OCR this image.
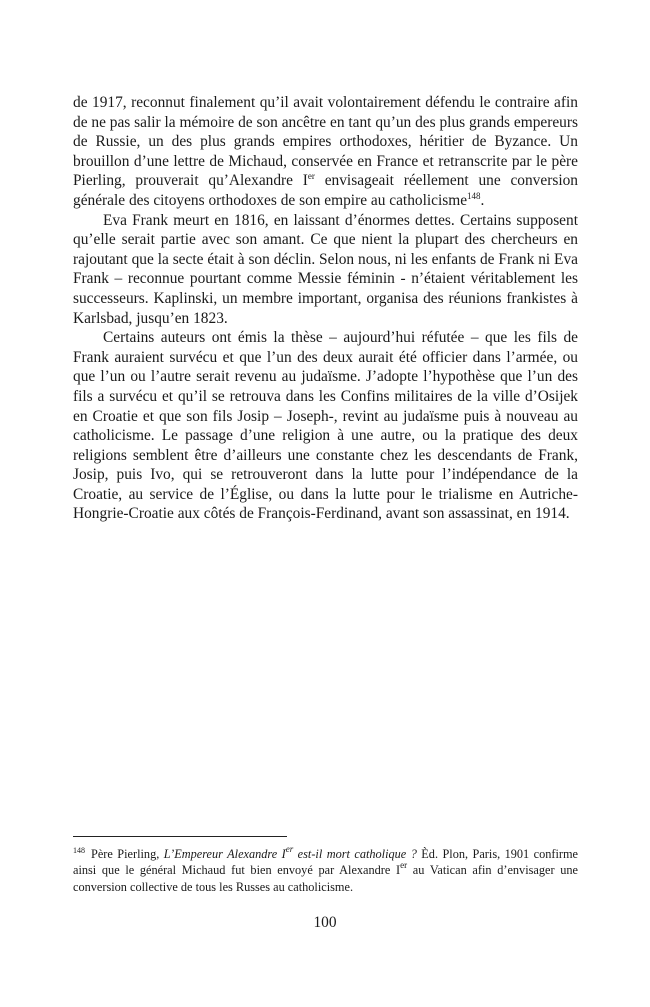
de 1917, reconnut finalement qu’il avait volontairement défendu le contraire afin de ne pas salir la mémoire de son ancêtre en tant qu’un des plus grands empereurs de Russie, un des plus grands empires orthodoxes, héritier de Byzance. Un brouillon d’une lettre de Michaud, conservée en France et retranscrite par le père Pierling, prouverait qu’Alexandre Ier envisageait réellement une conversion générale des citoyens orthodoxes de son empire au catholicisme$^{148}$.

Eva Frank meurt en 1816, en laissant d’énormes dettes. Certains supposent qu’elle serait partie avec son amant. Ce que nient la plupart des chercheurs en rajoutant que la secte était à son déclin. Selon nous, ni les enfants de Frank ni Eva Frank – reconnue pourtant comme Messie féminin - n’étaient véritablement les successeurs. Kaplinski, un membre important, organisa des réunions frankistes à Karlsbad, jusqu’en 1823.

Certains auteurs ont émis la thèse – aujourd’hui réfutée – que les fils de Frank auraient survécu et que l’un des deux aurait été officier dans l’armée, ou que l’un ou l’autre serait revenu au judaïsme. J’adopte l’hypothèse que l’un des fils a survécu et qu’il se retrouva dans les Confins militaires de la ville d’Osijek en Croatie et que son fils Josip – Joseph-, revint au judaïsme puis à nouveau au catholicisme. Le passage d’une religion à une autre, ou la pratique des deux religions semblent être d’ailleurs une constante chez les descendants de Frank, Josip, puis Ivo, qui se retrouveront dans la lutte pour l’indépendance de la Croatie, au service de l’Église, ou dans la lutte pour le trialisme en Autriche-Hongrie-Croatie aux côtés de François-Ferdinand, avant son assassinat, en 1914.

$^{148}$ Père Pierling, L’Empereur Alexandre Ier est-il mort catholique ? Èd. Plon, Paris, 1901 confirme ainsi que le général Michaud fut bien envoyé par Alexandre Ier au Vatican afin d’envisager une conversion collective de tous les Russes au catholicisme.

100
